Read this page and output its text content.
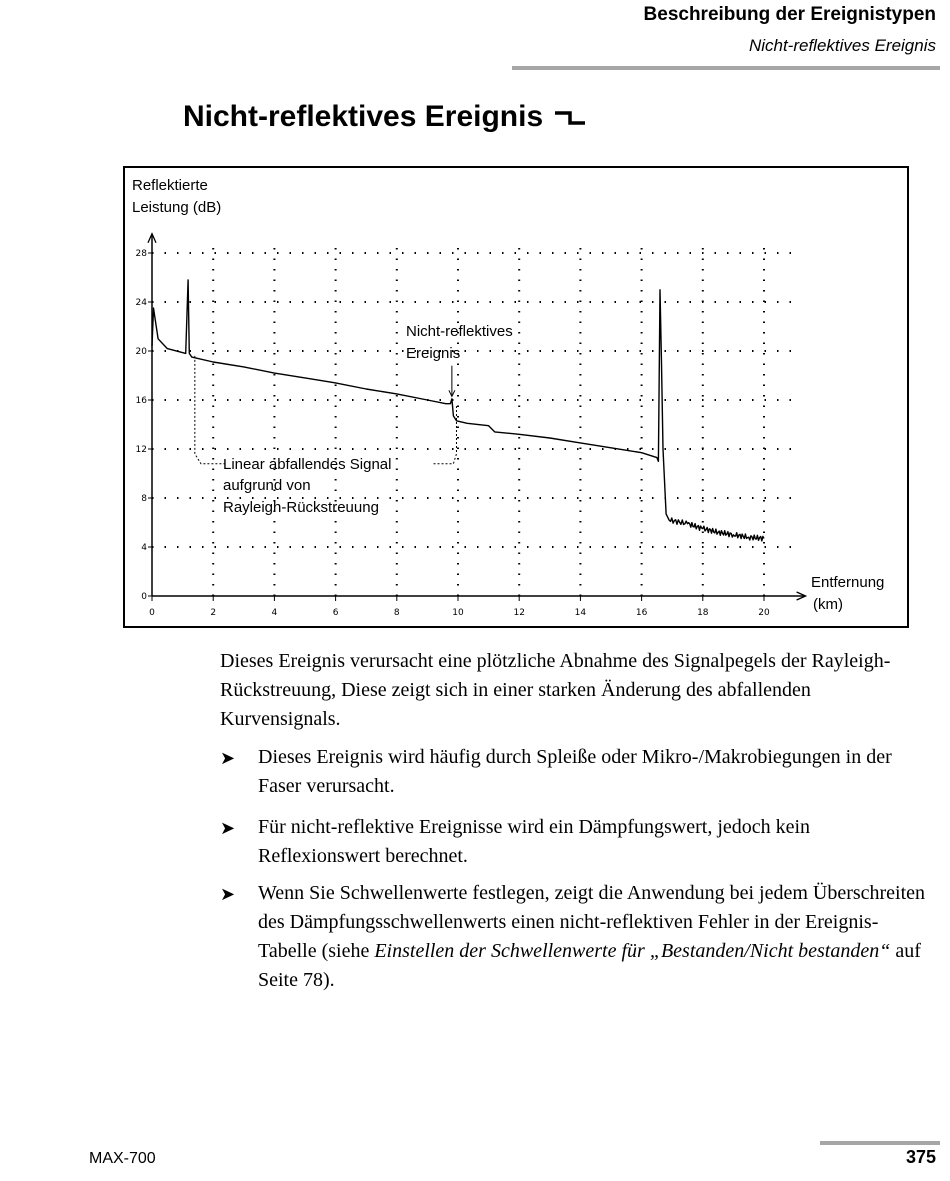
Beschreibung der Ereignistypen
Nicht-reflektives Ereignis
Nicht-reflektives Ereignis
0	2	4	6	8	10	12	14	16	18	20
0
4
8
12
16
20
24
28
Reflektierte
Leistung (dB)
Entfernung
(km)
Nicht-reflektives
Ereignis
Linear abfallendes Signal
aufgrund von
Rayleigh-Rückstreuung
Dieses Ereignis verursacht eine plötzliche Abnahme des Signalpegels der Rayleigh-Rückstreuung, Diese zeigt sich in einer starken Änderung des abfallenden Kurvensignals.
➤ Dieses Ereignis wird häufig durch Spleiße oder Mikro-/Makrobiegungen in der Faser verursacht.
➤ Für nicht-reflektive Ereignisse wird ein Dämpfungswert, jedoch kein Reflexionswert berechnet.
➤ Wenn Sie Schwellenwerte festlegen, zeigt die Anwendung bei jedem Überschreiten des Dämpfungsschwellenwerts einen nicht-reflektiven Fehler in der Ereignis-Tabelle (siehe Einstellen der Schwellenwerte für „Bestanden/Nicht bestanden“ auf Seite 78).
MAX-700	375
